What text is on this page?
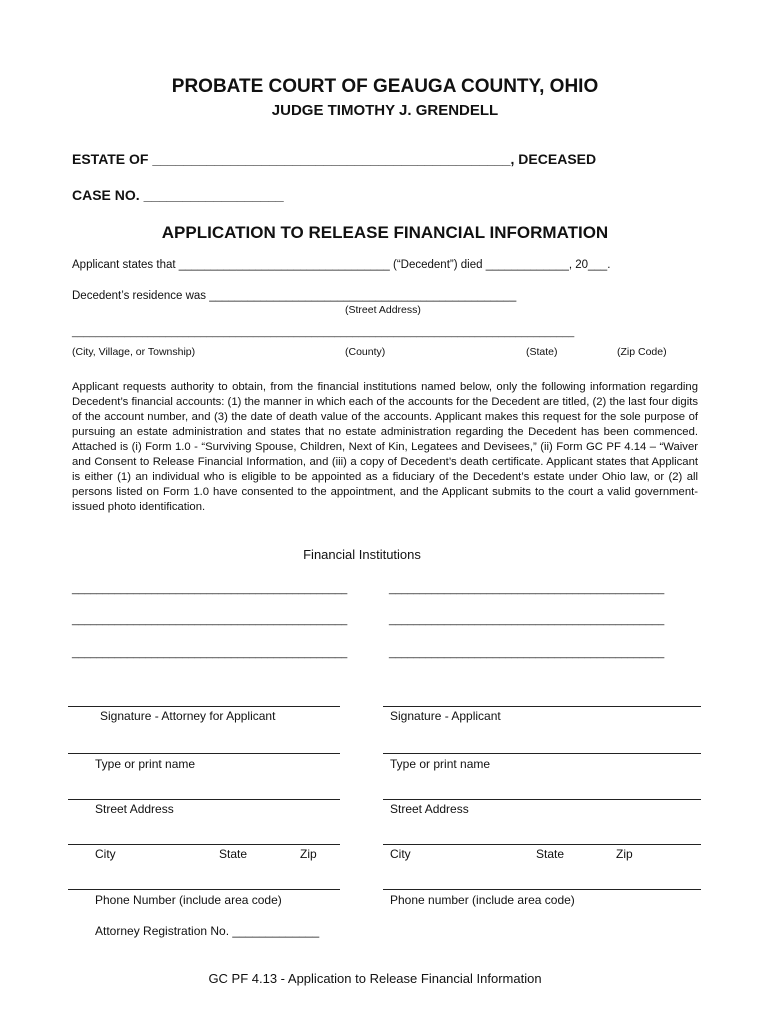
PROBATE COURT OF GEAUGA COUNTY, OHIO
JUDGE TIMOTHY J. GRENDELL
ESTATE OF ______________________________________________, DECEASED
CASE NO. __________________
APPLICATION TO RELEASE FINANCIAL INFORMATION
Applicant states that _________________________________ (“Decedent”) died _____________, 20___.
Decedent’s residence was ________________________________________________
(Street Address)
______________________________________________________________________________________
(City, Village, or Township)	(County)	(State)	(Zip Code)
Applicant requests authority to obtain, from the financial institutions named below, only the following information regarding Decedent’s financial accounts: (1) the manner in which each of the accounts for the Decedent are titled, (2) the last four digits of the account number, and (3) the date of death value of the accounts. Applicant makes this request for the sole purpose of pursuing an estate administration and states that no estate administration regarding the Decedent has been commenced. Attached is (i) Form 1.0 - “Surviving Spouse, Children, Next of Kin, Legatees and Devisees,” (ii) Form GC PF 4.14 – “Waiver and Consent to Release Financial Information, and (iii) a copy of Decedent’s death certificate. Applicant states that Applicant is either (1) an individual who is eligible to be appointed as a fiduciary of the Decedent’s estate under Ohio law, or (2) all persons listed on Form 1.0 have consented to the appointment, and the Applicant submits to the court a valid government-issued photo identification.
Financial Institutions
_____________________________________________	_____________________________________________
_____________________________________________	_____________________________________________
_____________________________________________	_____________________________________________
Signature - Attorney for Applicant
Type or print name
Street Address
City	State	Zip
Phone Number (include area code)
Attorney Registration No. _____________
Signature - Applicant
Type or print name
Street Address
City	State	Zip
Phone number (include area code)
GC PF 4.13 - Application to Release Financial Information
